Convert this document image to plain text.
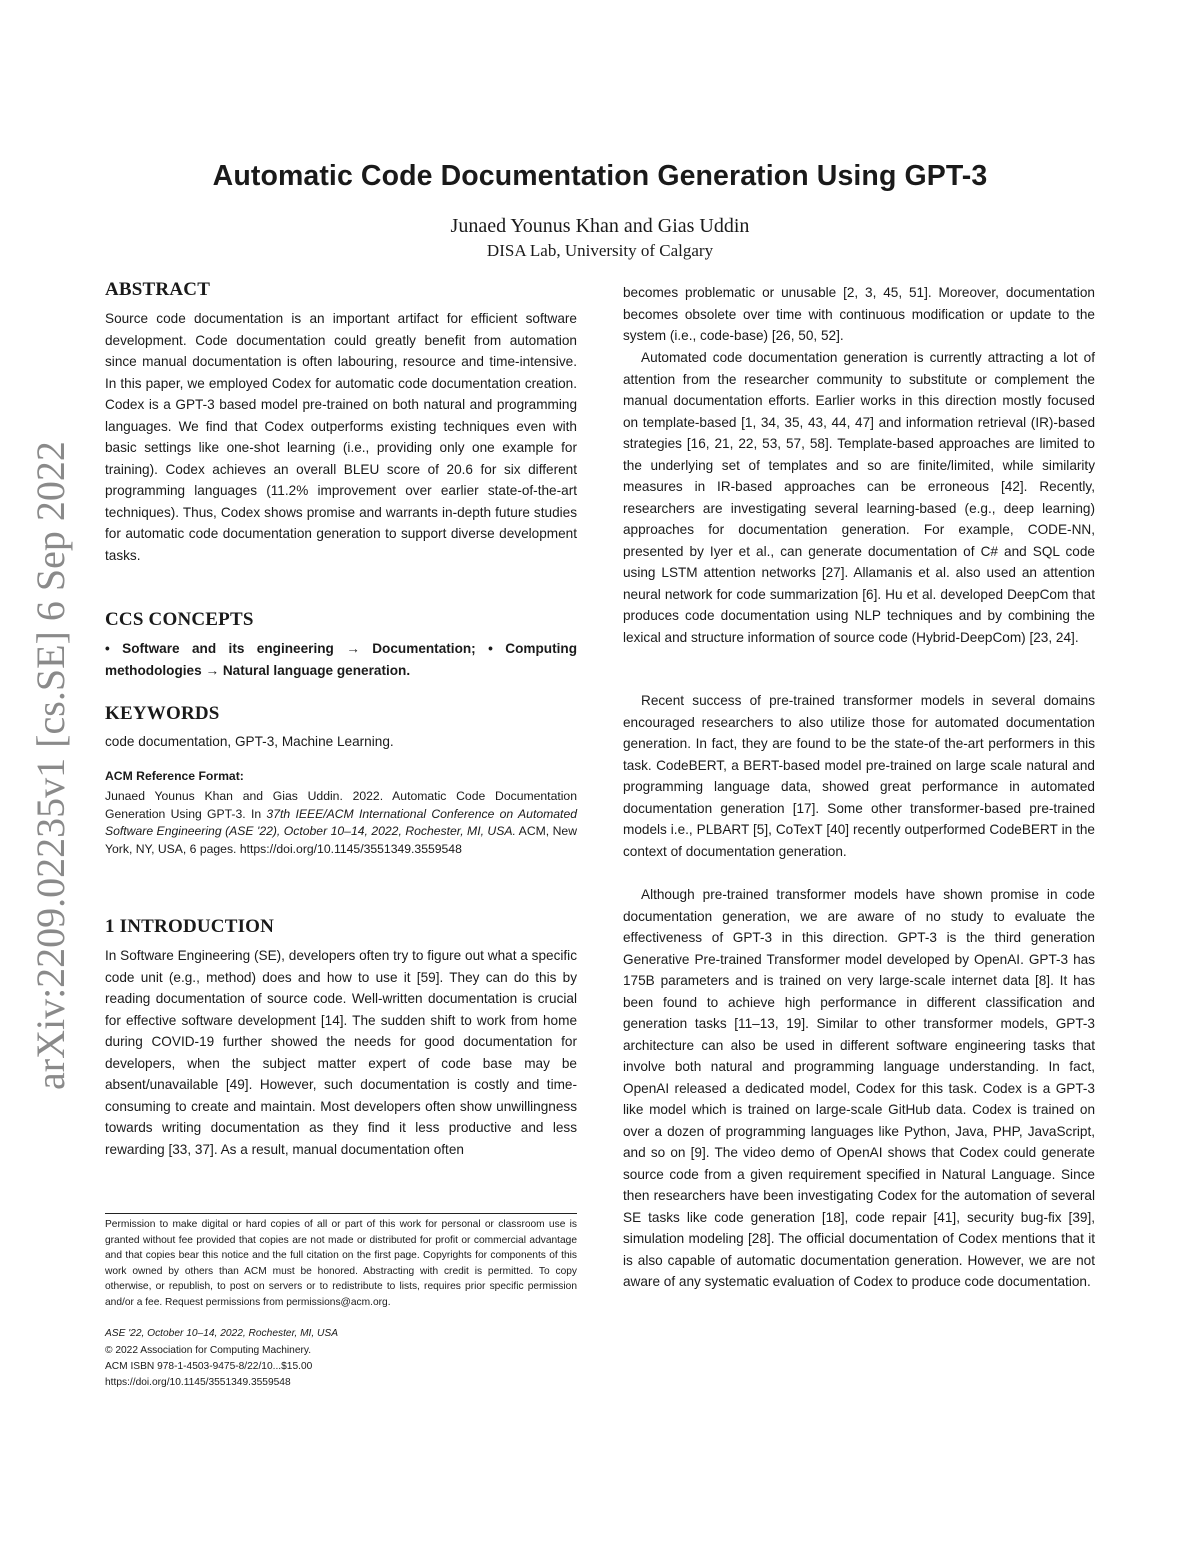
Automatic Code Documentation Generation Using GPT-3
Junaed Younus Khan and Gias Uddin
DISA Lab, University of Calgary
arXiv:2209.02235v1 [cs.SE] 6 Sep 2022
ABSTRACT

Source code documentation is an important artifact for efficient software development. Code documentation could greatly benefit from automation since manual documentation is often labouring, resource and time-intensive. In this paper, we employed Codex for automatic code documentation creation. Codex is a GPT-3 based model pre-trained on both natural and programming languages. We find that Codex outperforms existing techniques even with basic settings like one-shot learning (i.e., providing only one example for training). Codex achieves an overall BLEU score of 20.6 for six different programming languages (11.2% improvement over earlier state-of-the-art techniques). Thus, Codex shows promise and warrants in-depth future studies for automatic code documentation generation to support diverse development tasks.

CCS CONCEPTS

• Software and its engineering → Documentation; • Computing methodologies → Natural language generation.

KEYWORDS

code documentation, GPT-3, Machine Learning.

ACM Reference Format:
Junaed Younus Khan and Gias Uddin. 2022. Automatic Code Documentation Generation Using GPT-3. In 37th IEEE/ACM International Conference on Automated Software Engineering (ASE '22), October 10–14, 2022, Rochester, MI, USA. ACM, New York, NY, USA, 6 pages. https://doi.org/10.1145/3551349.3559548
1 INTRODUCTION

In Software Engineering (SE), developers often try to figure out what a specific code unit (e.g., method) does and how to use it [59]. They can do this by reading documentation of source code. Well-written documentation is crucial for effective software development [14]. The sudden shift to work from home during COVID-19 further showed the needs for good documentation for developers, when the subject matter expert of code base may be absent/unavailable [49]. However, such documentation is costly and time-consuming to create and maintain. Most developers often show unwillingness towards writing documentation as they find it less productive and less rewarding [33, 37]. As a result, manual documentation often

Permission to make digital or hard copies of all or part of this work for personal or classroom use is granted without fee provided that copies are not made or distributed for profit or commercial advantage and that copies bear this notice and the full citation on the first page. Copyrights for components of this work owned by others than ACM must be honored. Abstracting with credit is permitted. To copy otherwise, or republish, to post on servers or to redistribute to lists, requires prior specific permission and/or a fee. Request permissions from permissions@acm.org.
ASE '22, October 10–14, 2022, Rochester, MI, USA
© 2022 Association for Computing Machinery.
ACM ISBN 978-1-4503-9475-8/22/10...$15.00
https://doi.org/10.1145/3551349.3559548

becomes problematic or unusable [2, 3, 45, 51]. Moreover, documentation becomes obsolete over time with continuous modification or update to the system (i.e., code-base) [26, 50, 52].

Automated code documentation generation is currently attracting a lot of attention from the researcher community to substitute or complement the manual documentation efforts. Earlier works in this direction mostly focused on template-based [1, 34, 35, 43, 44, 47] and information retrieval (IR)-based strategies [16, 21, 22, 53, 57, 58]. Template-based approaches are limited to the underlying set of templates and so are finite/limited, while similarity measures in IR-based approaches can be erroneous [42]. Recently, researchers are investigating several learning-based (e.g., deep learning) approaches for documentation generation. For example, CODE-NN, presented by Iyer et al., can generate documentation of C# and SQL code using LSTM attention networks [27]. Allamanis et al. also used an attention neural network for code summarization [6]. Hu et al. developed DeepCom that produces code documentation using NLP techniques and by combining the lexical and structure information of source code (Hybrid-DeepCom) [23, 24].

Recent success of pre-trained transformer models in several domains encouraged researchers to also utilize those for automated documentation generation. In fact, they are found to be the state-of the-art performers in this task. CodeBERT, a BERT-based model pre-trained on large scale natural and programming language data, showed great performance in automated documentation generation [17]. Some other transformer-based pre-trained models i.e., PLBART [5], CoTexT [40] recently outperformed CodeBERT in the context of documentation generation.

Although pre-trained transformer models have shown promise in code documentation generation, we are aware of no study to evaluate the effectiveness of GPT-3 in this direction. GPT-3 is the third generation Generative Pre-trained Transformer model developed by OpenAI. GPT-3 has 175B parameters and is trained on very large-scale internet data [8]. It has been found to achieve high performance in different classification and generation tasks [11–13, 19]. Similar to other transformer models, GPT-3 architecture can also be used in different software engineering tasks that involve both natural and programming language understanding. In fact, OpenAI released a dedicated model, Codex for this task. Codex is a GPT-3 like model which is trained on large-scale GitHub data. Codex is trained on over a dozen of programming languages like Python, Java, PHP, JavaScript, and so on [9]. The video demo of OpenAI shows that Codex could generate source code from a given requirement specified in Natural Language. Since then researchers have been investigating Codex for the automation of several SE tasks like code generation [18], code repair [41], security bug-fix [39], simulation modeling [28]. The official documentation of Codex mentions that it is also capable of automatic documentation generation. However, we are not aware of any systematic evaluation of Codex to produce code documentation.
